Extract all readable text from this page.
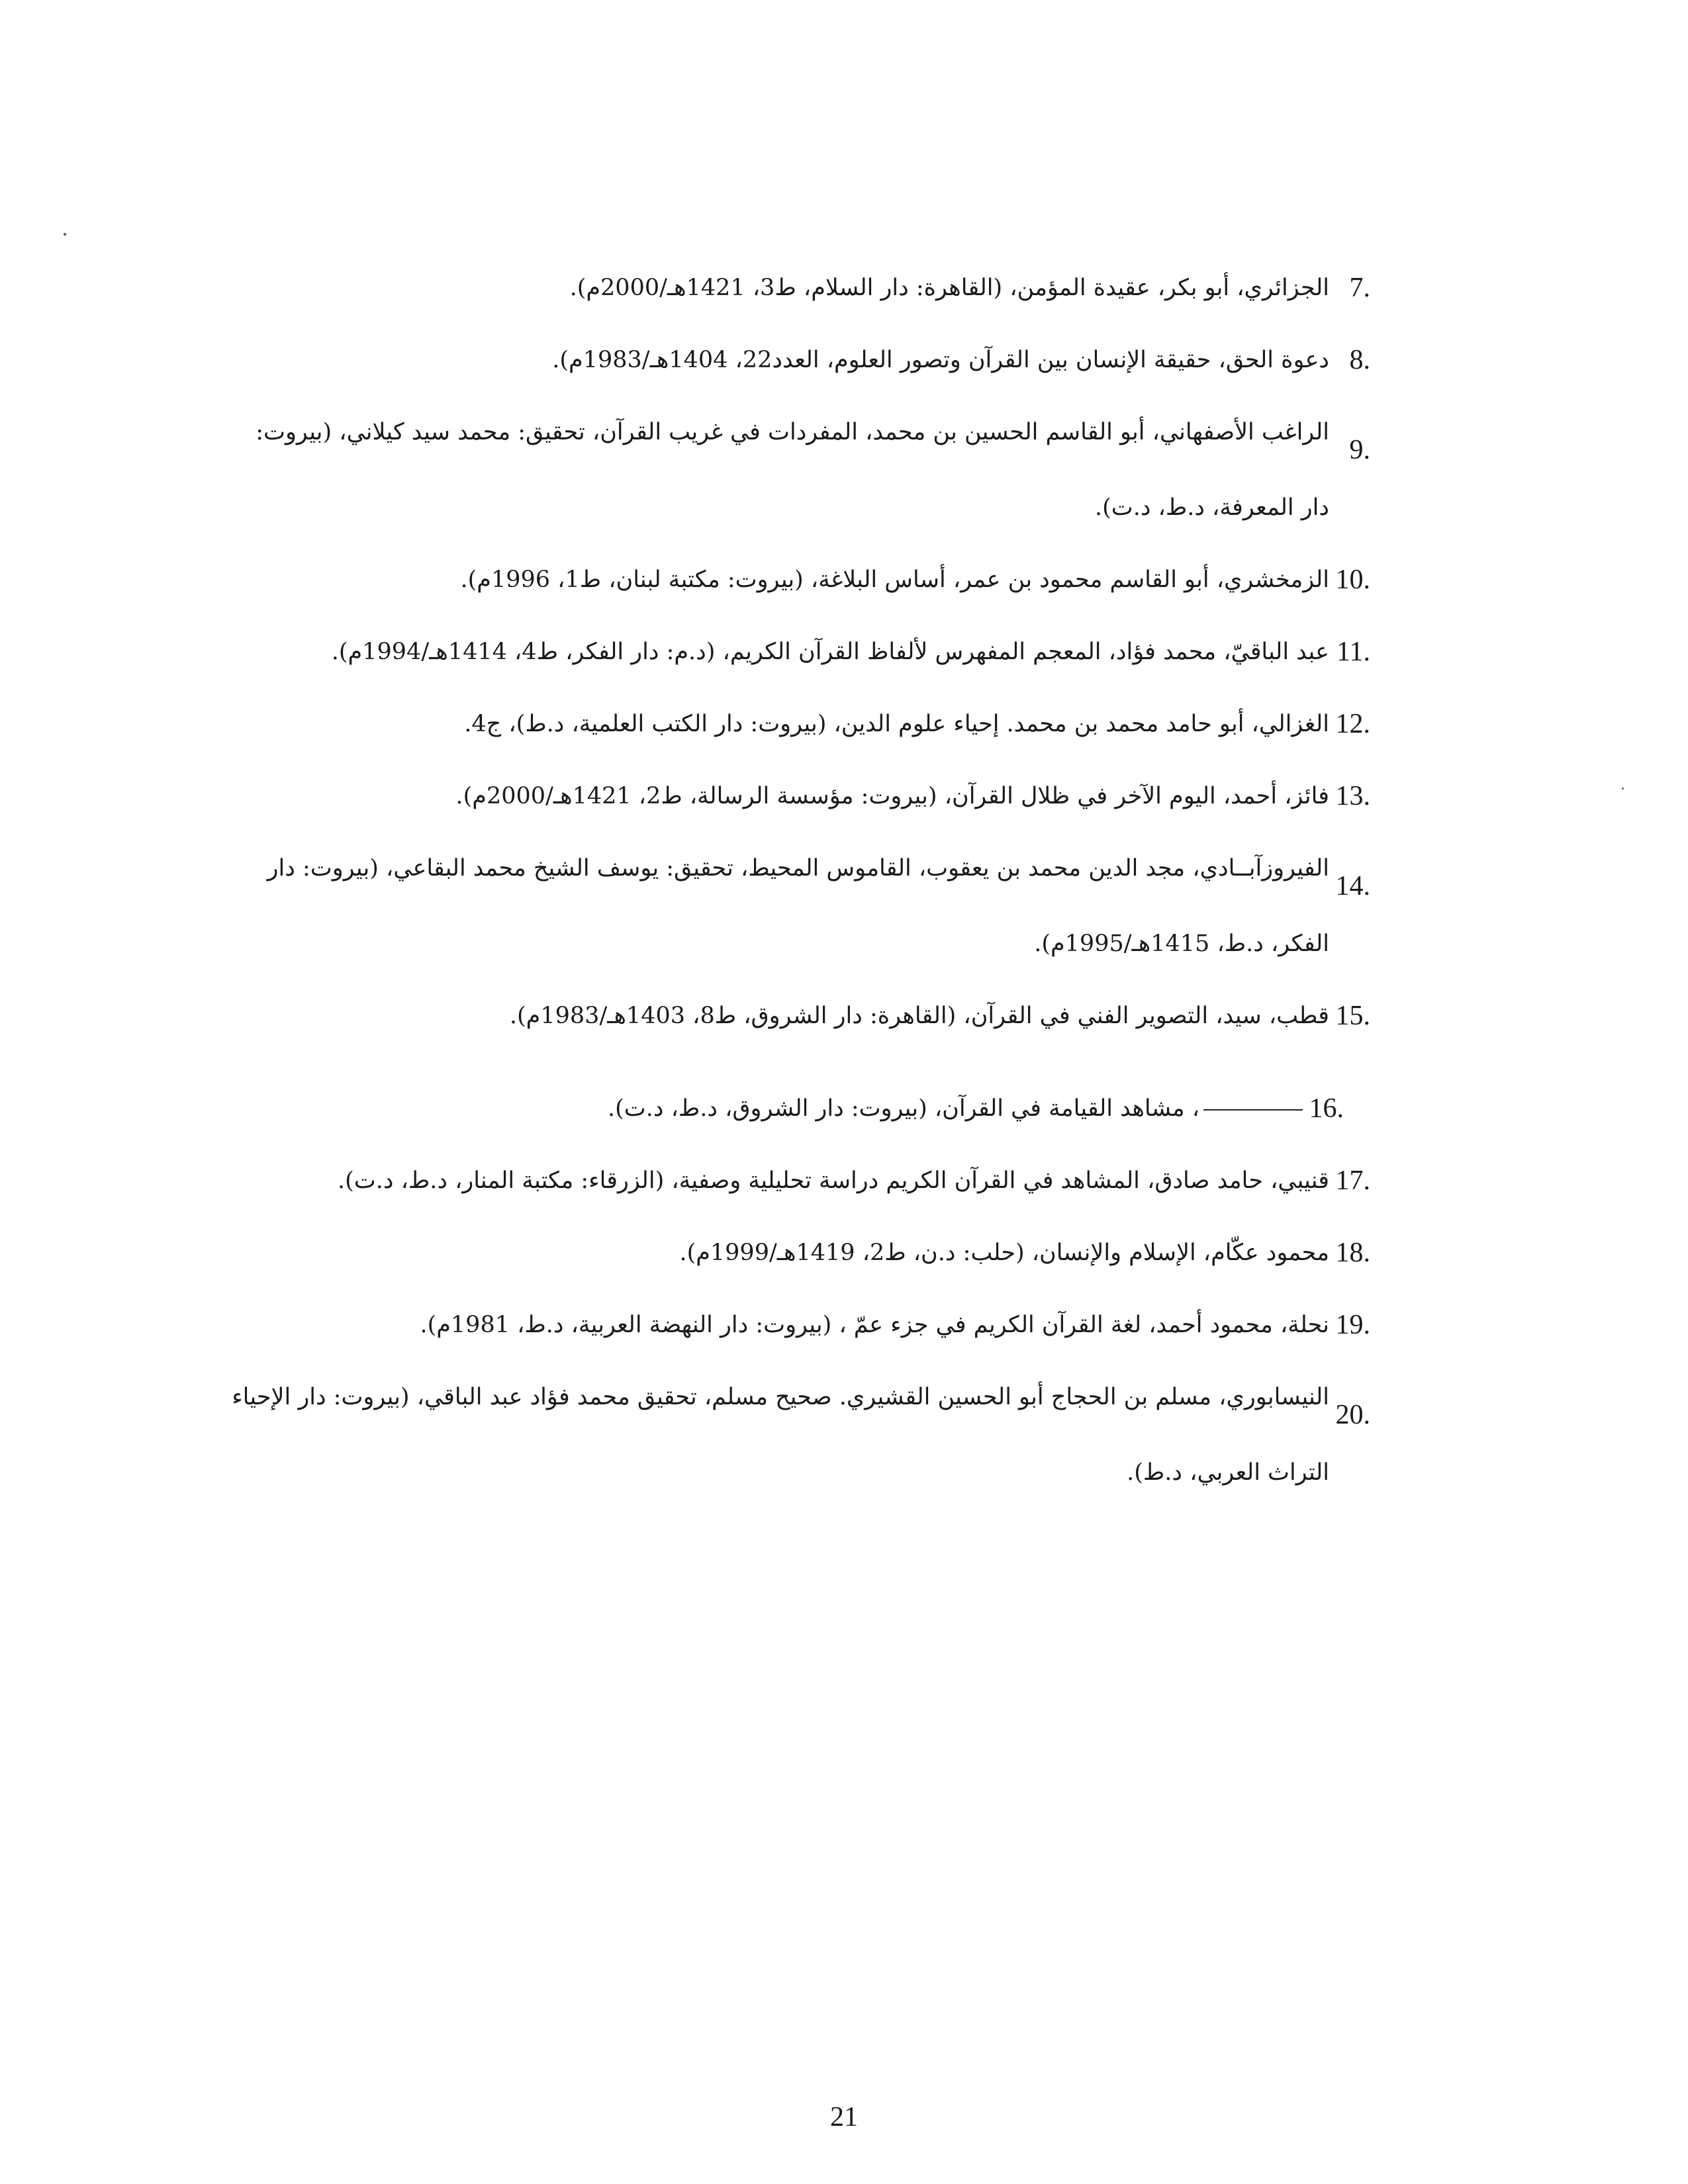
7.
الجزائري، أبو بكر، عقيدة المؤمن، (القاهرة: دار السلام، ط3، 1421هـ/2000م).
8.
دعوة الحق، حقيقة الإنسان بين القرآن وتصور العلوم، العدد22، 1404هـ/1983م).
9.
الراغب الأصفهاني، أبو القاسم الحسين بن محمد، المفردات في غريب القرآن، تحقيق: محمد سيد كيلاني، (بيروت: دار المعرفة، د.ط، د.ت).
10.
الزمخشري، أبو القاسم محمود بن عمر، أساس البلاغة، (بيروت: مكتبة لبنان، ط1، 1996م).
11.
عبد الباقيّ، محمد فؤاد، المعجم المفهرس لألفاظ القرآن الكريم، (د.م: دار الفكر، ط4، 1414هـ/1994م).
12.
الغزالي، أبو حامد محمد بن محمد. إحياء علوم الدين، (بيروت: دار الكتب العلمية، د.ط)، ج4.
13.
فائز، أحمد، اليوم الآخر في ظلال القرآن، (بيروت: مؤسسة الرسالة، ط2، 1421هـ/2000م).
14.
الفيروزآبــادي، مجد الدين محمد بن يعقوب، القاموس المحيط، تحقيق: يوسف الشيخ محمد البقاعي، (بيروت: دار الفكر، د.ط، 1415هـ/1995م).
15.
قطب، سيد، التصوير الفني في القرآن، (القاهرة: دار الشروق، ط8، 1403هـ/1983م).
16.
، مشاهد القيامة في القرآن، (بيروت: دار الشروق، د.ط، د.ت).
17.
قنيبي، حامد صادق، المشاهد في القرآن الكريم دراسة تحليلية وصفية، (الزرقاء: مكتبة المنار، د.ط، د.ت).
18.
محمود عكّام، الإسلام والإنسان، (حلب: د.ن، ط2، 1419هـ/1999م).
19.
نحلة، محمود أحمد، لغة القرآن الكريم في جزء عمّ ، (بيروت: دار النهضة العربية، د.ط، 1981م).
20.
النيسابوري، مسلم بن الحجاج أبو الحسين القشيري. صحيح مسلم، تحقيق محمد فؤاد عبد الباقي، (بيروت: دار الإحياء التراث العربي، د.ط).
21
